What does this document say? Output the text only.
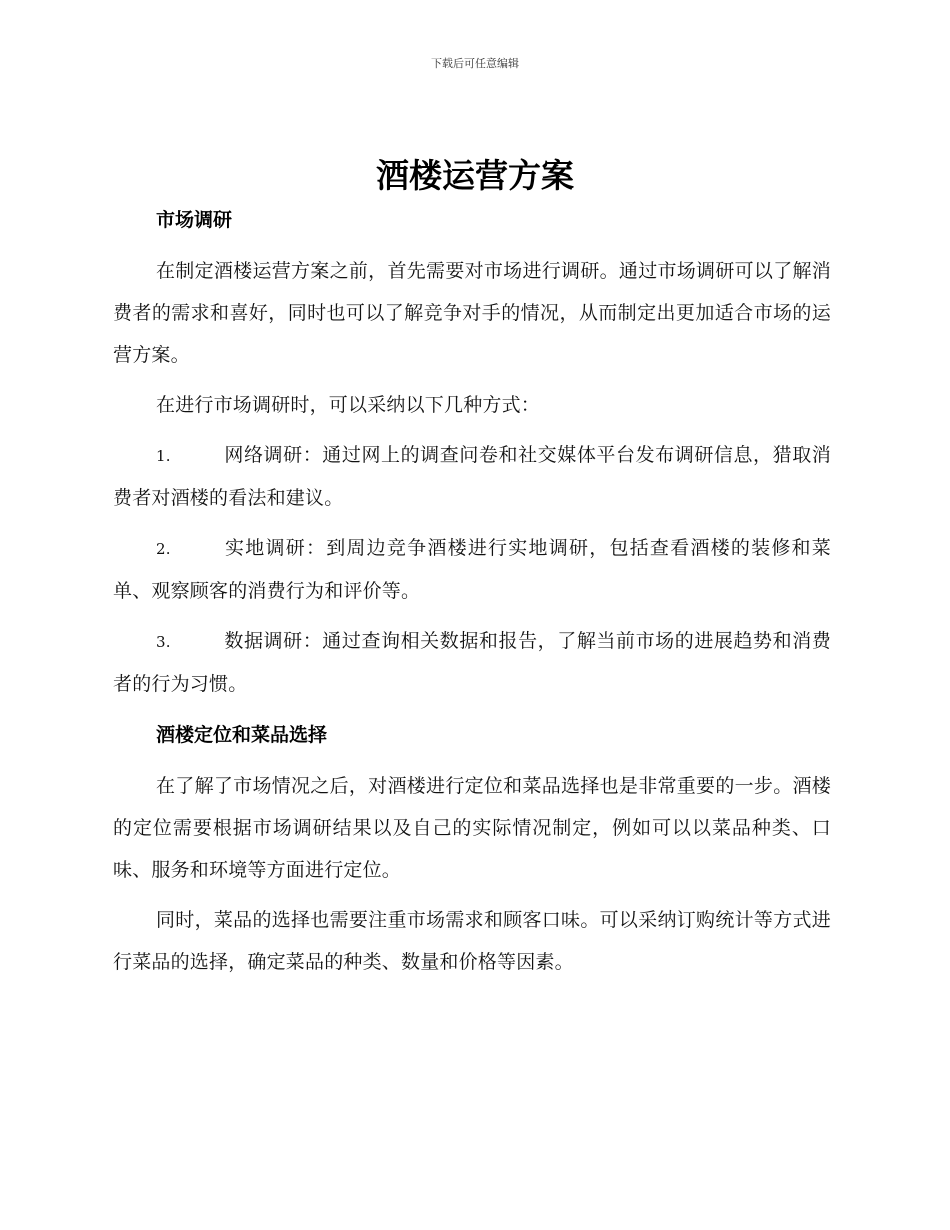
下载后可任意编辑
酒楼运营方案
市场调研

在制定酒楼运营方案之前，首先需要对市场进行调研。通过市场调研可以了解消费者的需求和喜好，同时也可以了解竞争对手的情况，从而制定出更加适合市场的运营方案。

在进行市场调研时，可以采纳以下几种方式：

1.	网络调研：通过网上的调查问卷和社交媒体平台发布调研信息，猎取消费者对酒楼的看法和建议。

2.	实地调研：到周边竞争酒楼进行实地调研，包括查看酒楼的装修和菜单、观察顾客的消费行为和评价等。

3.	数据调研：通过查询相关数据和报告，了解当前市场的进展趋势和消费者的行为习惯。

酒楼定位和菜品选择

在了解了市场情况之后，对酒楼进行定位和菜品选择也是非常重要的一步。酒楼的定位需要根据市场调研结果以及自己的实际情况制定，例如可以以菜品种类、口味、服务和环境等方面进行定位。

同时，菜品的选择也需要注重市场需求和顾客口味。可以采纳订购统计等方式进行菜品的选择，确定菜品的种类、数量和价格等因素。
